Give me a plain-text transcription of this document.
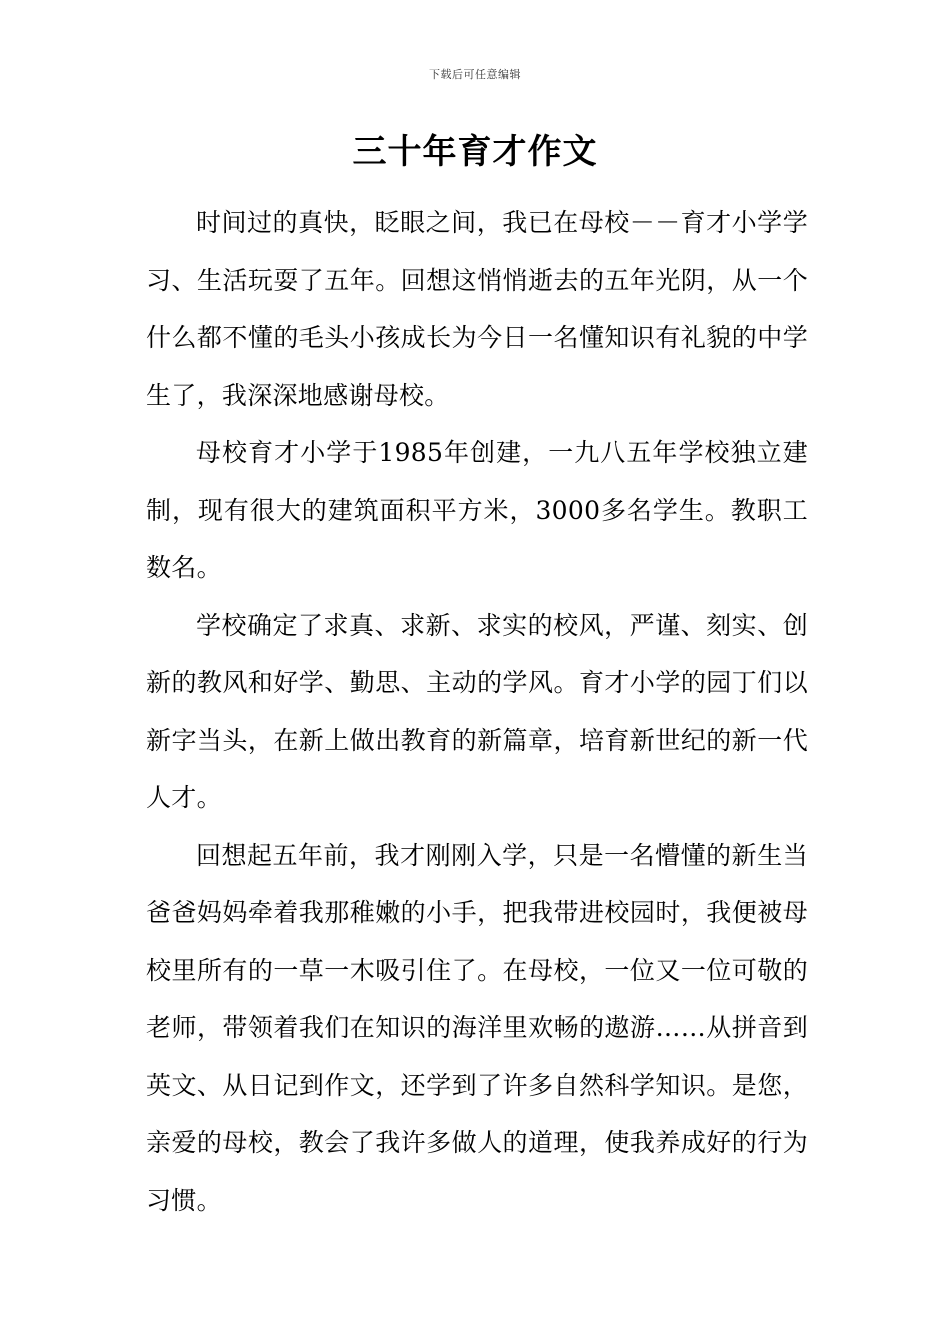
下载后可任意编辑
三十年育才作文

时间过的真快，眨眼之间，我已在母校－－育才小学学习、生活玩耍了五年。回想这悄悄逝去的五年光阴，从一个什么都不懂的毛头小孩成长为今日一名懂知识有礼貌的中学生了，我深深地感谢母校。

母校育才小学于1985年创建，一九八五年学校独立建制，现有很大的建筑面积平方米，3000多名学生。教职工数名。

学校确定了求真、求新、求实的校风，严谨、刻实、创新的教风和好学、勤思、主动的学风。育才小学的园丁们以新字当头，在新上做出教育的新篇章，培育新世纪的新一代人才。

回想起五年前，我才刚刚入学，只是一名懵懂的新生当爸爸妈妈牵着我那稚嫩的小手，把我带进校园时，我便被母校里所有的一草一木吸引住了。在母校，一位又一位可敬的老师，带领着我们在知识的海洋里欢畅的遨游……从拼音到英文、从日记到作文，还学到了许多自然科学知识。是您，亲爱的母校，教会了我许多做人的道理，使我养成好的行为习惯。
